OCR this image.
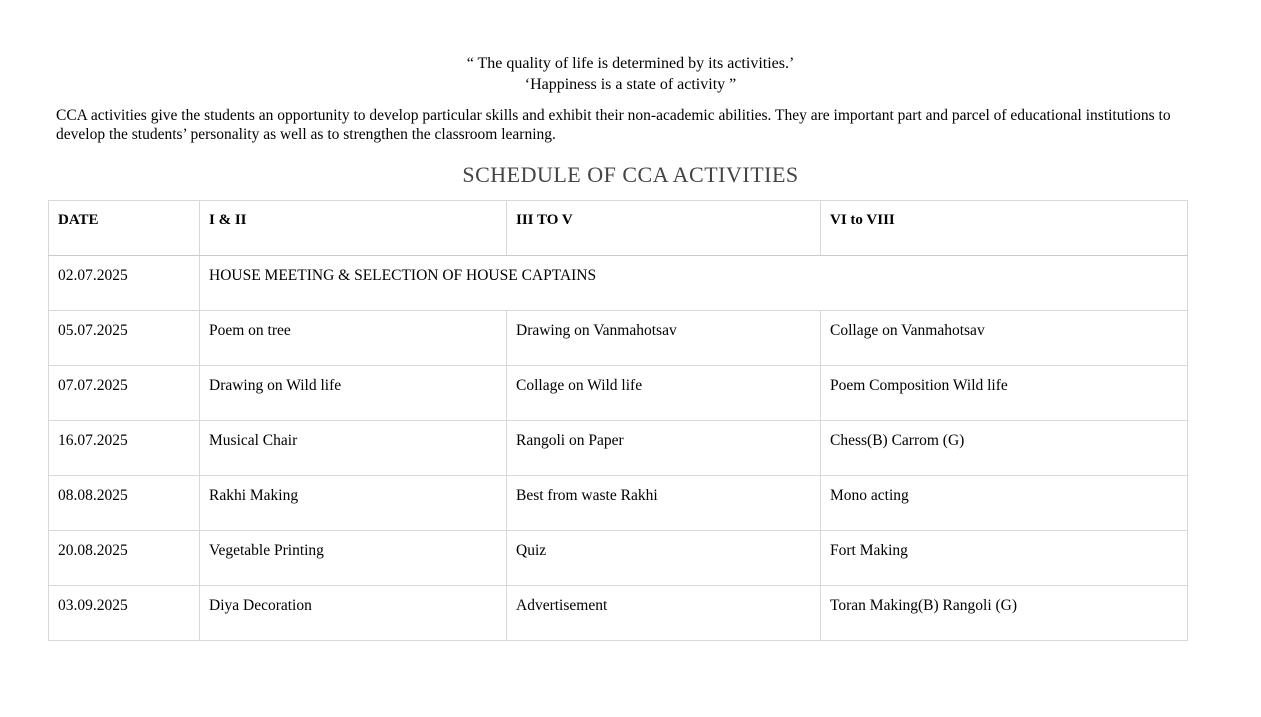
“ The quality of life is determined by its activities.’
‘Happiness is a state of activity ”
CCA activities give the students an opportunity to develop particular skills and exhibit their non-academic abilities. They are important part and parcel of educational institutions to develop the students’ personality as well as to strengthen the classroom learning.
SCHEDULE OF CCA ACTIVITIES
DATE	I & II	III TO V	VI to VIII
02.07.2025	HOUSE MEETING & SELECTION OF HOUSE CAPTAINS		
05.07.2025	Poem on tree	Drawing on Vanmahotsav	Collage on Vanmahotsav
07.07.2025	Drawing on Wild life	Collage on Wild life	Poem Composition Wild life
16.07.2025	Musical Chair	Rangoli on Paper	Chess(B) Carrom (G)
08.08.2025	Rakhi Making	Best from waste Rakhi	Mono acting
20.08.2025	Vegetable Printing	Quiz	Fort Making
03.09.2025	Diya Decoration	Advertisement	Toran Making(B) Rangoli (G)
